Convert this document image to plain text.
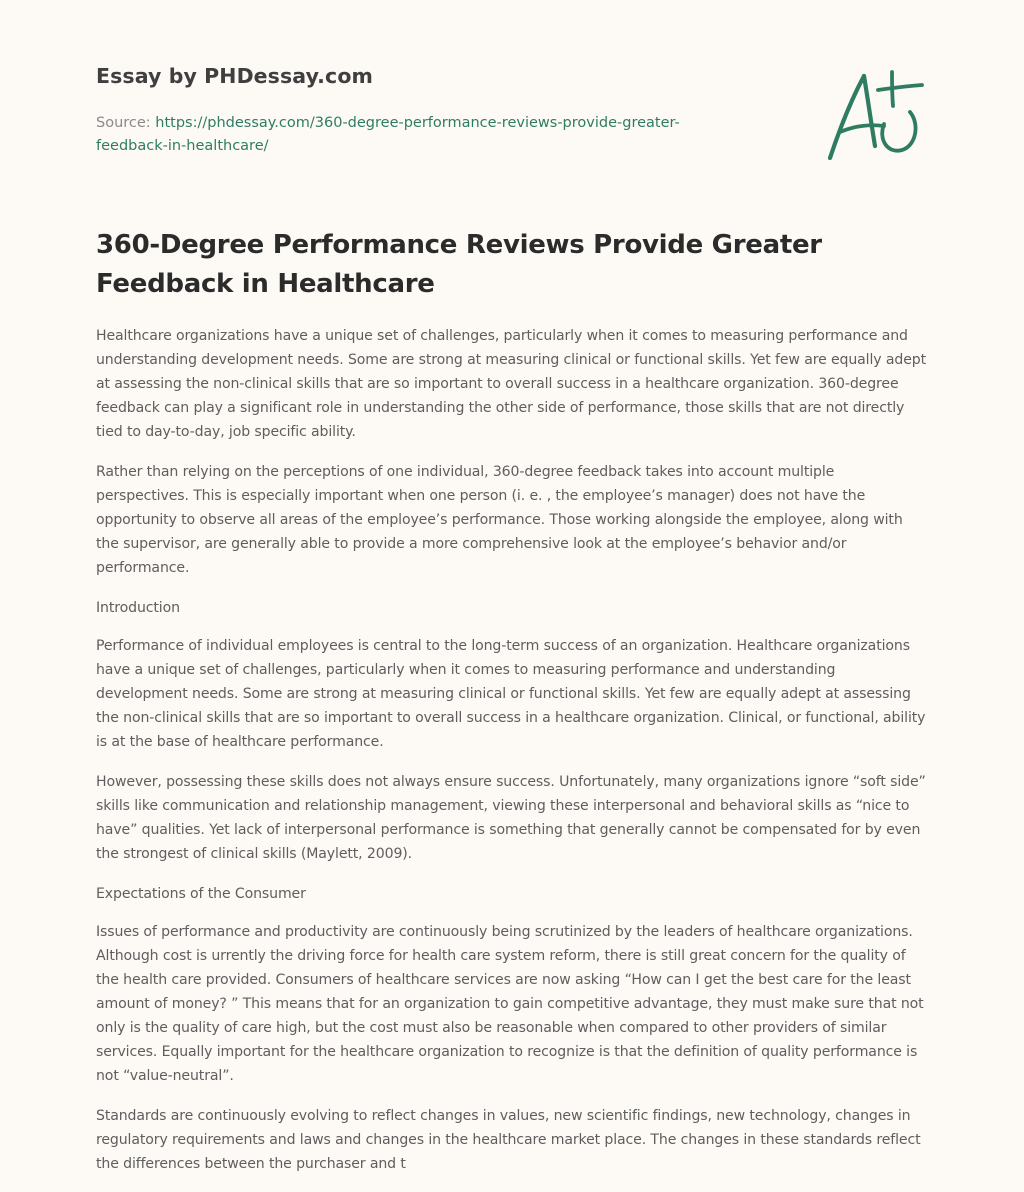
Essay by PHDessay.com
Source: https://phdessay.com/360-degree-performance-reviews-provide-greater-feedback-in-healthcare/
360-Degree Performance Reviews Provide Greater Feedback in Healthcare

Healthcare organizations have a unique set of challenges, particularly when it comes to measuring performance and understanding development needs. Some are strong at measuring clinical or functional skills. Yet few are equally adept at assessing the non-clinical skills that are so important to overall success in a healthcare organization. 360-degree feedback can play a significant role in understanding the other side of performance, those skills that are not directly tied to day-to-day, job specific ability.

Rather than relying on the perceptions of one individual, 360-degree feedback takes into account multiple perspectives. This is especially important when one person (i. e. , the employee’s manager) does not have the opportunity to observe all areas of the employee’s performance. Those working alongside the employee, along with the supervisor, are generally able to provide a more comprehensive look at the employee’s behavior and/or performance.

Introduction

Performance of individual employees is central to the long-term success of an organization. Healthcare organizations have a unique set of challenges, particularly when it comes to measuring performance and understanding development needs. Some are strong at measuring clinical or functional skills. Yet few are equally adept at assessing the non-clinical skills that are so important to overall success in a healthcare organization. Clinical, or functional, ability is at the base of healthcare performance.

However, possessing these skills does not always ensure success. Unfortunately, many organizations ignore “soft side” skills like communication and relationship management, viewing these interpersonal and behavioral skills as “nice to have” qualities. Yet lack of interpersonal performance is something that generally cannot be compensated for by even the strongest of clinical skills (Maylett, 2009).

Expectations of the Consumer

Issues of performance and productivity are continuously being scrutinized by the leaders of healthcare organizations. Although cost is urrently the driving force for health care system reform, there is still great concern for the quality of the health care provided. Consumers of healthcare services are now asking “How can I get the best care for the least amount of money? ” This means that for an organization to gain competitive advantage, they must make sure that not only is the quality of care high, but the cost must also be reasonable when compared to other providers of similar services. Equally important for the healthcare organization to recognize is that the definition of quality performance is not “value-neutral”.

Standards are continuously evolving to reflect changes in values, new scientific findings, new technology, changes in regulatory requirements and laws and changes in the healthcare market place. The changes in these standards reflect the differences between the purchaser and t
